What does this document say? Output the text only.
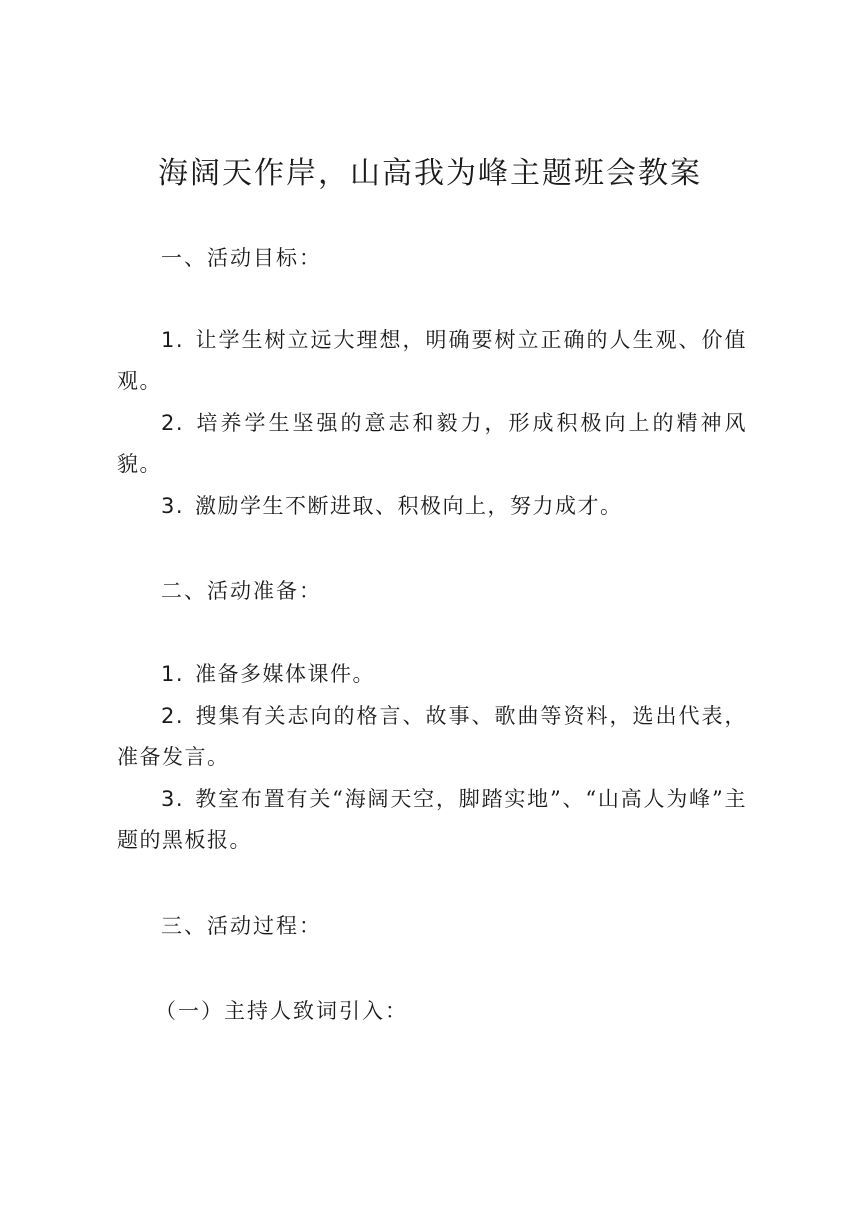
海阔天作岸，山高我为峰主题班会教案
一、活动目标：
1. 让学生树立远大理想，明确要树立正确的人生观、价值观。
2. 培养学生坚强的意志和毅力，形成积极向上的精神风貌。
3. 激励学生不断进取、积极向上，努力成才。
二、活动准备：
1. 准备多媒体课件。
2. 搜集有关志向的格言、故事、歌曲等资料，选出代表，准备发言。
3. 教室布置有关“海阔天空，脚踏实地”、“山高人为峰”主题的黑板报。
三、活动过程：
（一）主持人致词引入：
